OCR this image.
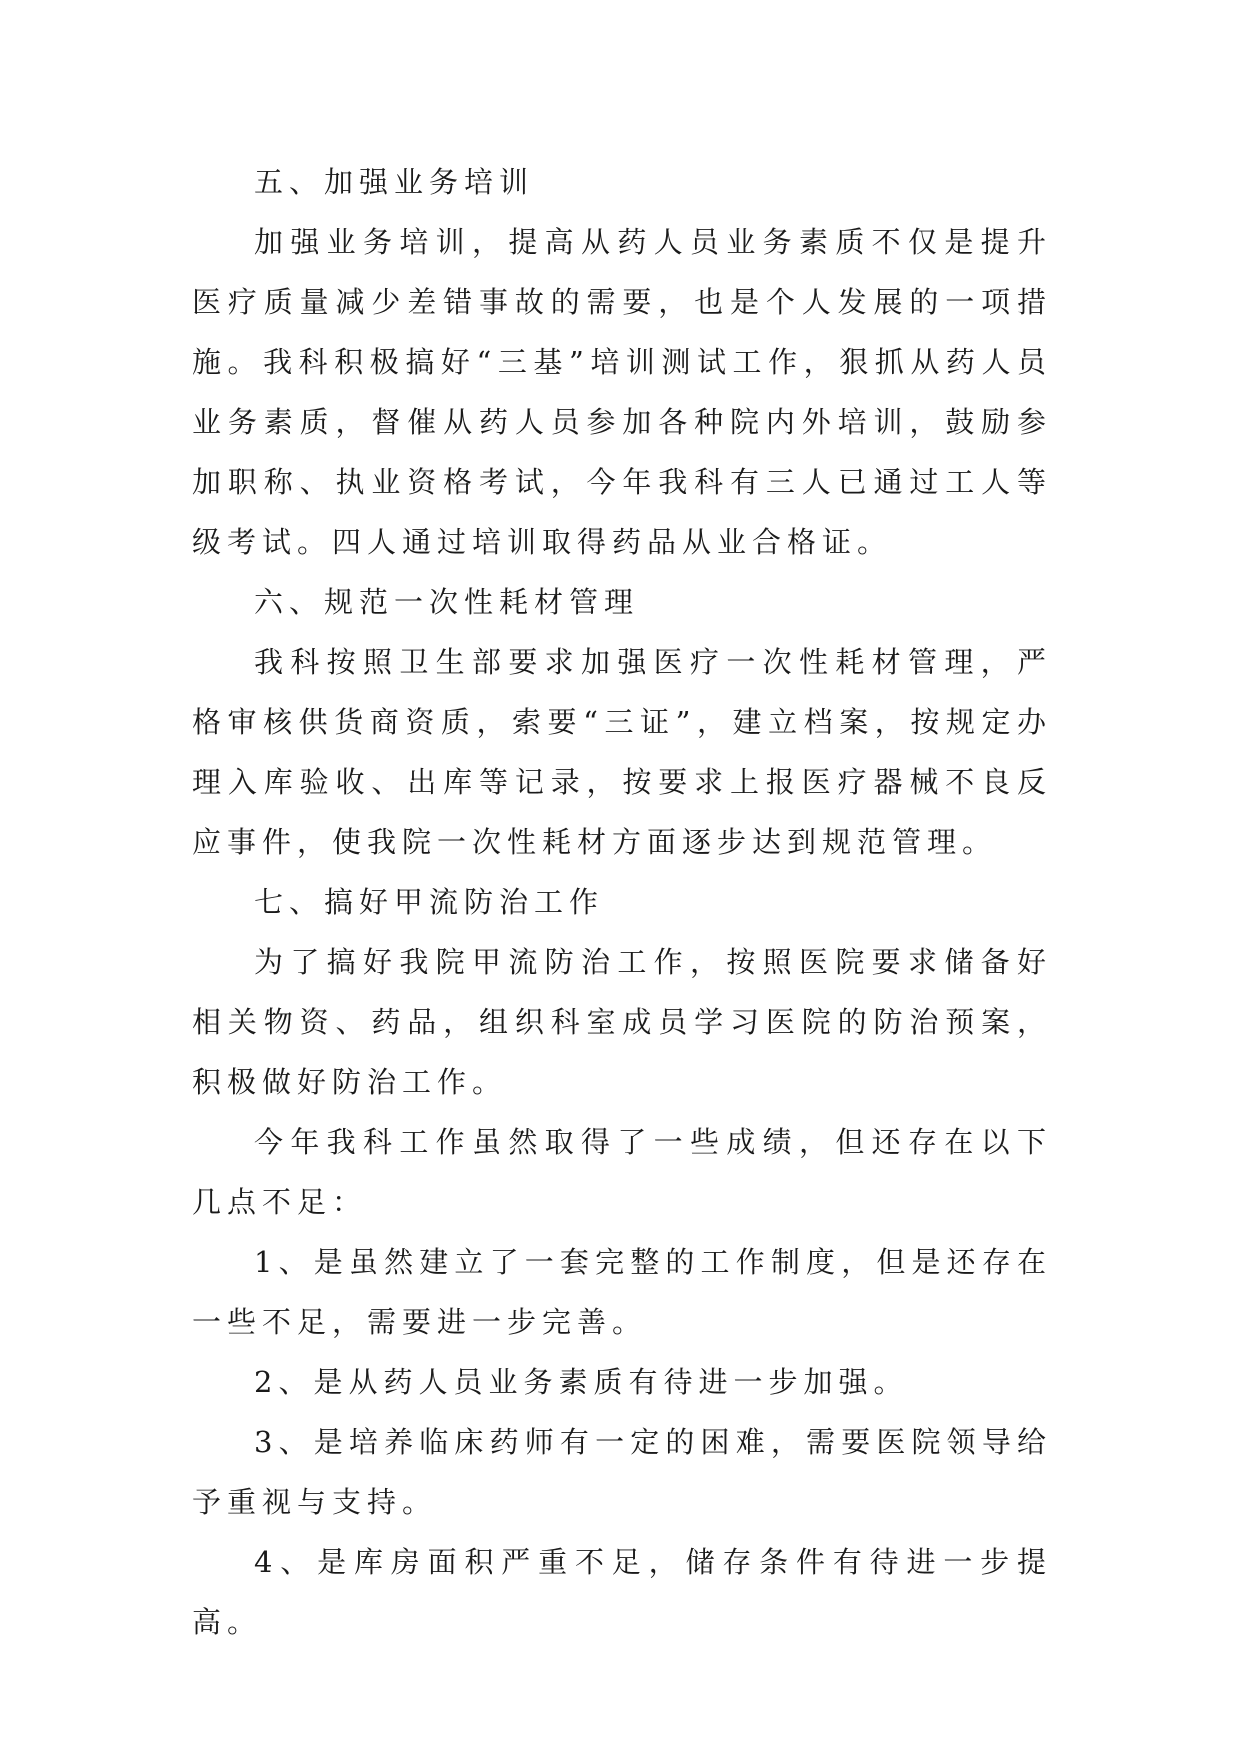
五、加强业务培训

加强业务培训，提高从药人员业务素质不仅是提升医疗质量减少差错事故的需要，也是个人发展的一项措施。我科积极搞好“三基”培训测试工作，狠抓从药人员业务素质，督催从药人员参加各种院内外培训，鼓励参加职称、执业资格考试，今年我科有三人已通过工人等级考试。四人通过培训取得药品从业合格证。

六、规范一次性耗材管理

我科按照卫生部要求加强医疗一次性耗材管理，严格审核供货商资质，索要“三证”，建立档案，按规定办理入库验收、出库等记录，按要求上报医疗器械不良反应事件，使我院一次性耗材方面逐步达到规范管理。

七、搞好甲流防治工作

为了搞好我院甲流防治工作，按照医院要求储备好相关物资、药品，组织科室成员学习医院的防治预案，积极做好防治工作。

今年我科工作虽然取得了一些成绩，但还存在以下几点不足：

1、是虽然建立了一套完整的工作制度，但是还存在一些不足，需要进一步完善。

2、是从药人员业务素质有待进一步加强。

3、是培养临床药师有一定的困难，需要医院领导给予重视与支持。

4、是库房面积严重不足，储存条件有待进一步提高。
